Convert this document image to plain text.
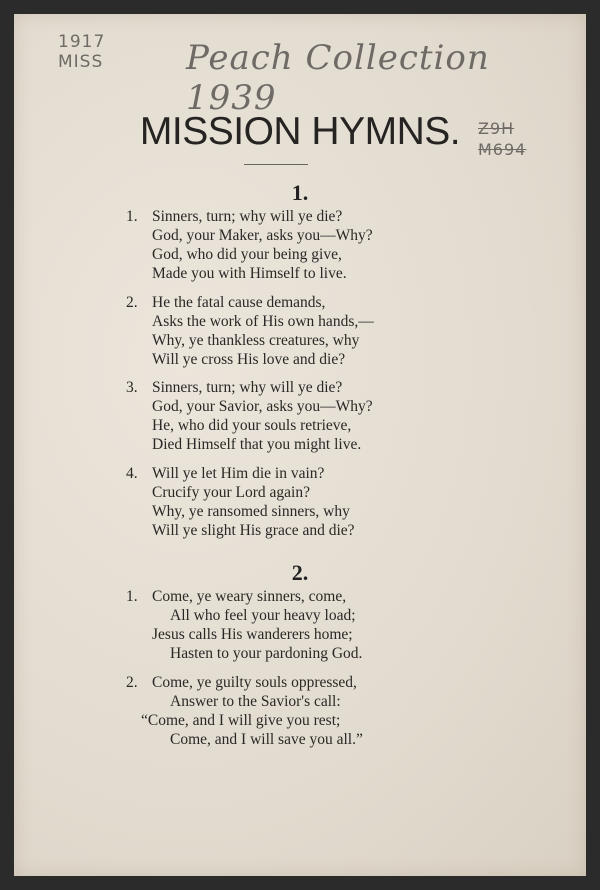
1917
MISS Peach Collection 1939
Z9H
M694
MISSION HYMNS.
1.
1. Sinners, turn; why will ye die?
God, your Maker, asks you—Why?
God, who did your being give,
Made you with Himself to live.
2. He the fatal cause demands,
Asks the work of His own hands,—
Why, ye thankless creatures, why
Will ye cross His love and die?
3. Sinners, turn; why will ye die?
God, your Savior, asks you—Why?
He, who did your souls retrieve,
Died Himself that you might live.
4. Will ye let Him die in vain?
Crucify your Lord again?
Why, ye ransomed sinners, why
Will ye slight His grace and die?
2.
1. Come, ye weary sinners, come,
All who feel your heavy load;
Jesus calls His wanderers home;
Hasten to your pardoning God.
2. Come, ye guilty souls oppressed,
Answer to the Savior's call:
“Come, and I will give you rest;
Come, and I will save you all.”
